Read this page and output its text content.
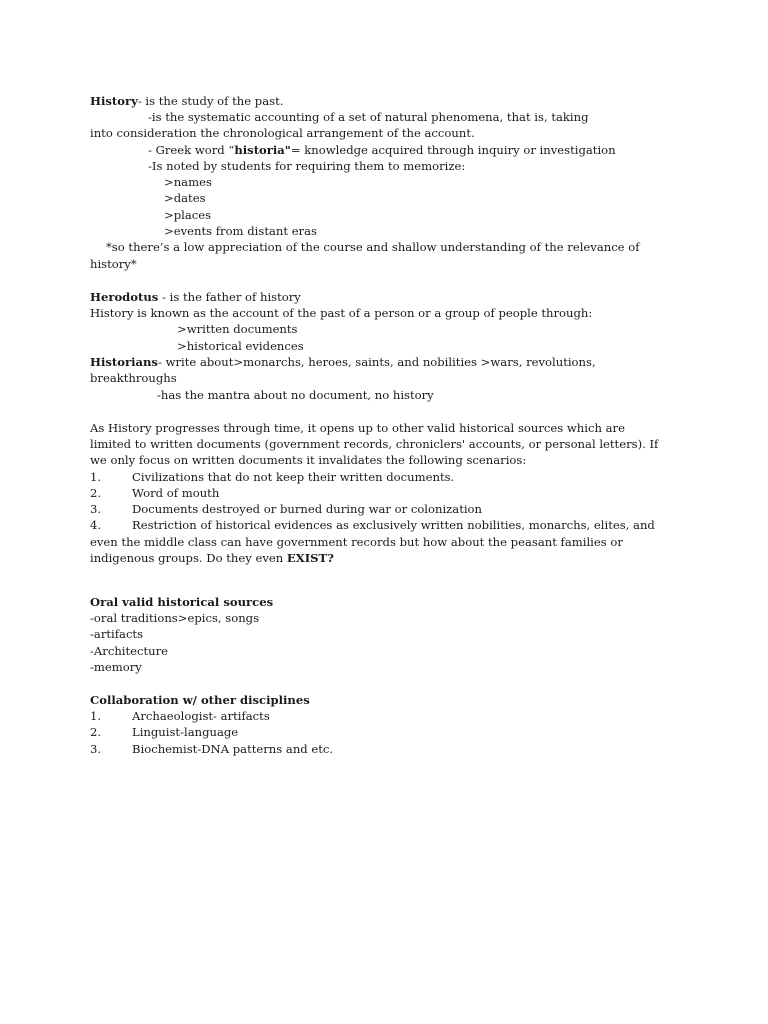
History- is the study of the past.
-is the systematic accounting of a set of natural phenomena, that is, taking
into consideration the chronological arrangement of the account.
- Greek word “historia"= knowledge acquired through inquiry or investigation
-Is noted by students for requiring them to memorize:
>names
>dates
>places
>events from distant eras
*so there’s a low appreciation of the course and shallow understanding of the relevance of
history*
Herodotus - is the father of history
History is known as the account of the past of a person or a group of people through:
>written documents
>historical evidences
Historians- write about>monarchs, heroes, saints, and nobilities >wars, revolutions,
breakthroughs
-has the mantra about no document, no history
As History progresses through time, it opens up to other valid historical sources which are
limited to written documents (government records, chroniclers' accounts, or personal letters). If
we only focus on written documents it invalidates the following scenarios:
1.	Civilizations that do not keep their written documents.
2.	Word of mouth
3.	Documents destroyed or burned during war or colonization
4.	Restriction of historical evidences as exclusively written nobilities, monarchs, elites, and
even the middle class can have government records but how about the peasant families or
indigenous groups. Do they even EXIST?
Oral valid historical sources
-oral traditions>epics, songs
-artifacts
-Architecture
-memory
Collaboration w/ other disciplines
1.	Archaeologist- artifacts
2.	Linguist-language
3.	Biochemist-DNA patterns and etc.
